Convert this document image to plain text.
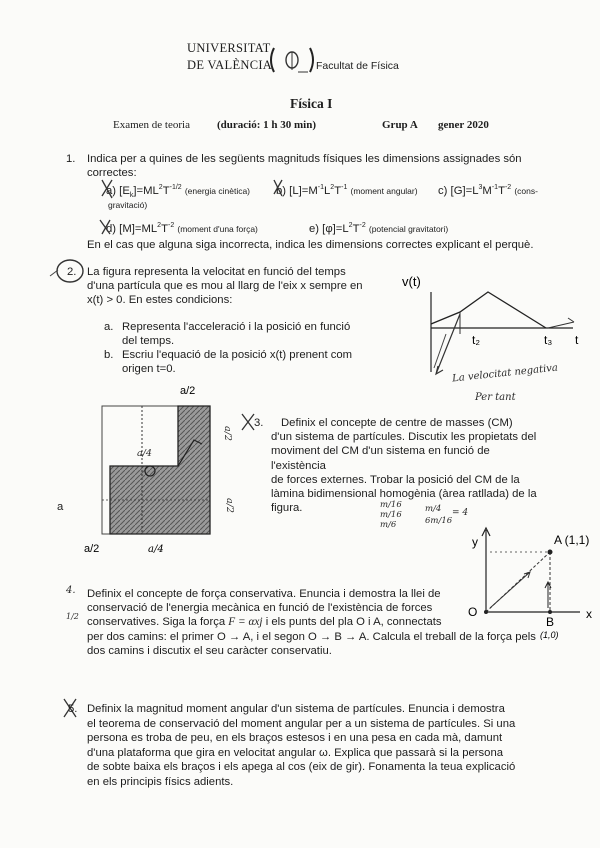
UNIVERSITAT
DE VALÈNCIA	Facultat de Física
Física I
Examen de teoria (duració: 1 h 30 min)	Grup A gener 2020
1. Indica per a quines de les següents magnituds físiques les dimensions assignades són
correctes:
a) $[E_k]=ML^2T^{-1/2}$ (energia cinètica) b) $[L]=M^{-1}L^2T^{-1}$ (moment angular) c) $[G]=L^3M^{-1}T^{-2}$ (cons-
gravitació)
d) $[M]=ML^2T^{-2}$ (moment d'una força)	e) $[\varphi]=L^2T^{-2}$ (potencial gravitatori)
En el cas que alguna siga incorrecta, indica les dimensions correctes explicant el perquè.
2. La figura representa la velocitat en funció del temps
d'una partícula que es mou al llarg de l'eix x sempre en
x(t) > 0. En estes condicions:
a. Representa l'acceleració i la posició en funció
del temps.
b. Escriu l'equació de la posició x(t) prenent com
origen t=0.
v(t)
t₂	t₃ t
La velocitat negativa
Per tant
a/2
a/2	a/4
a
a/4
a/2
a/2
3.	Definix el concepte de centre de masses (CM)
d'un sistema de partícules. Discutix les propietats del
moviment del CM d'un sistema en funció de l'existència
de forces externes. Trobar la posició del CM de la
làmina bidimensional homogènia (àrea ratllada) de la
figura.	m/16
m/16
m/6
m/4
6m/16
= 4
4.
1/2
Definix el concepte de força conservativa. Enuncia i demostra la llei de
conservació de l'energia mecànica en funció de l'existència de forces
conservatives. Siga la força F = αxj i els punts del pla O i A, connectats
per dos camins: el primer O → A, i el segon O → B → A. Calcula el treball de la força pels
dos camins i discutix el seu caràcter conservatiu.
y
x
A (1,1)
O
B
(1,0)
5. Definix la magnitud moment angular d'un sistema de partícules. Enuncia i demostra
el teorema de conservació del moment angular per a un sistema de partícules. Si una
persona es troba de peu, en els braços estesos i en una pesa en cada mà, damunt
d'una plataforma que gira en velocitat angular ω. Explica que passarà si la persona
de sobte baixa els braços i els apega al cos (eix de gir). Fonamenta la teua explicació
en els principis físics adients.
